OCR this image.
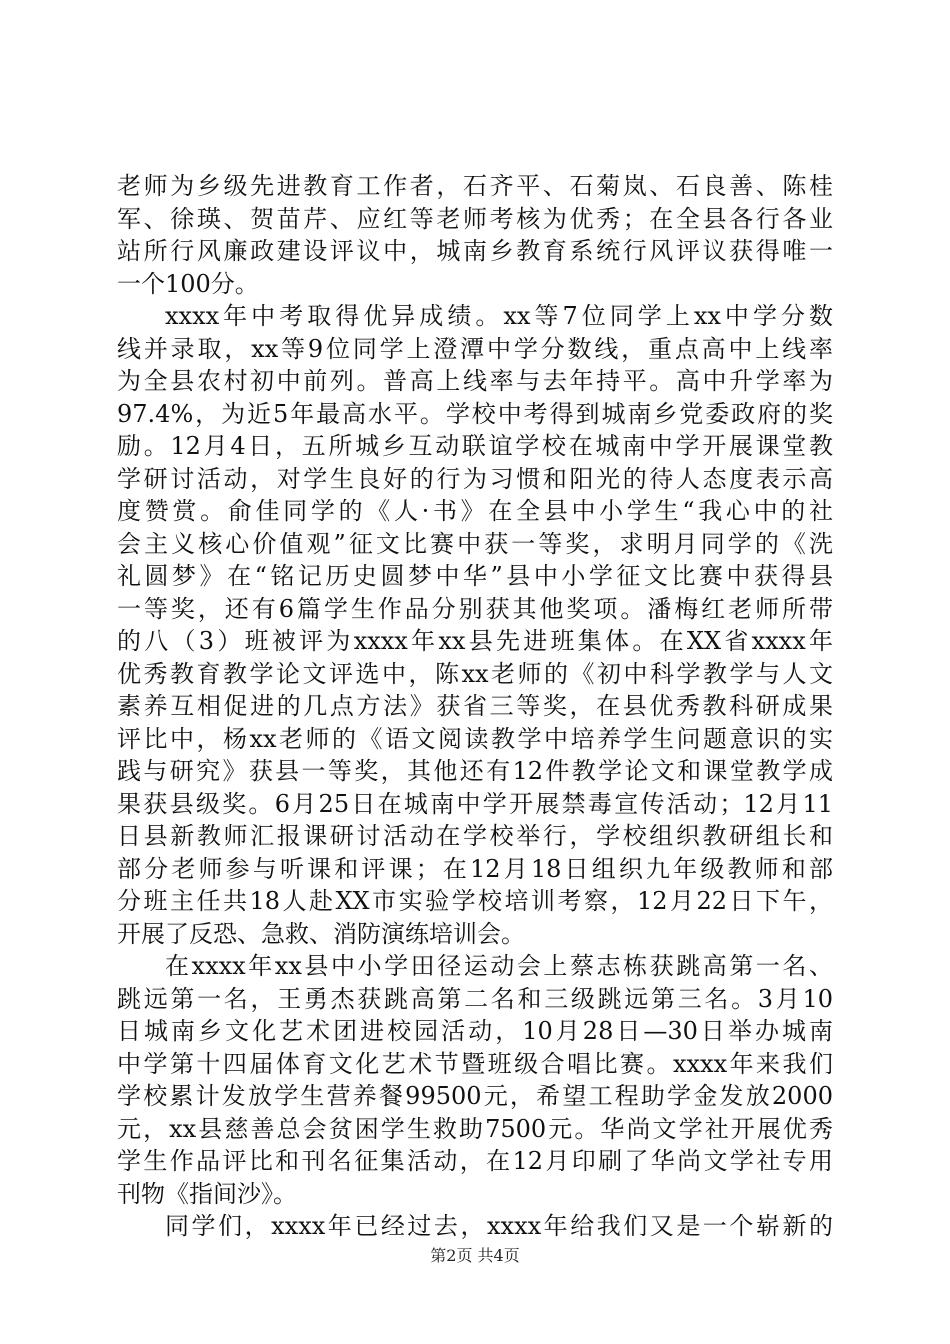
老师为乡级先进教育工作者，石齐平、石菊岚、石良善、陈桂
军、徐瑛、贺苗芹、应红等老师考核为优秀；在全县各行各业
站所行风廉政建设评议中，城南乡教育系统行风评议获得唯一
一个100分。
xxxx年中考取得优异成绩。xx等7位同学上xx中学分数
线并录取，xx等9位同学上澄潭中学分数线，重点高中上线率
为全县农村初中前列。普高上线率与去年持平。高中升学率为
97.4%，为近5年最高水平。学校中考得到城南乡党委政府的奖
励。12月4日，五所城乡互动联谊学校在城南中学开展课堂教
学研讨活动，对学生良好的行为习惯和阳光的待人态度表示高
度赞赏。俞佳同学的《人·书》在全县中小学生“我心中的社
会主义核心价值观”征文比赛中获一等奖，求明月同学的《洗
礼圆梦》在“铭记历史圆梦中华”县中小学征文比赛中获得县
一等奖，还有6篇学生作品分别获其他奖项。潘梅红老师所带
的八（3）班被评为xxxx年xx县先进班集体。在XX省xxxx年
优秀教育教学论文评选中，陈xx老师的《初中科学教学与人文
素养互相促进的几点方法》获省三等奖，在县优秀教科研成果
评比中，杨xx老师的《语文阅读教学中培养学生问题意识的实
践与研究》获县一等奖，其他还有12件教学论文和课堂教学成
果获县级奖。6月25日在城南中学开展禁毒宣传活动；12月11
日县新教师汇报课研讨活动在学校举行，学校组织教研组长和
部分老师参与听课和评课；在12月18日组织九年级教师和部
分班主任共18人赴XX市实验学校培训考察，12月22日下午，
开展了反恐、急救、消防演练培训会。
在xxxx年xx县中小学田径运动会上蔡志栋获跳高第一名、
跳远第一名，王勇杰获跳高第二名和三级跳远第三名。3月10
日城南乡文化艺术团进校园活动，10月28日—30日举办城南
中学第十四届体育文化艺术节暨班级合唱比赛。xxxx年来我们
学校累计发放学生营养餐99500元，希望工程助学金发放2000
元，xx县慈善总会贫困学生救助7500元。华尚文学社开展优秀
学生作品评比和刊名征集活动，在12月印刷了华尚文学社专用
刊物《指间沙》。
同学们，xxxx年已经过去，xxxx年给我们又是一个崭新的
第2页 共4页
